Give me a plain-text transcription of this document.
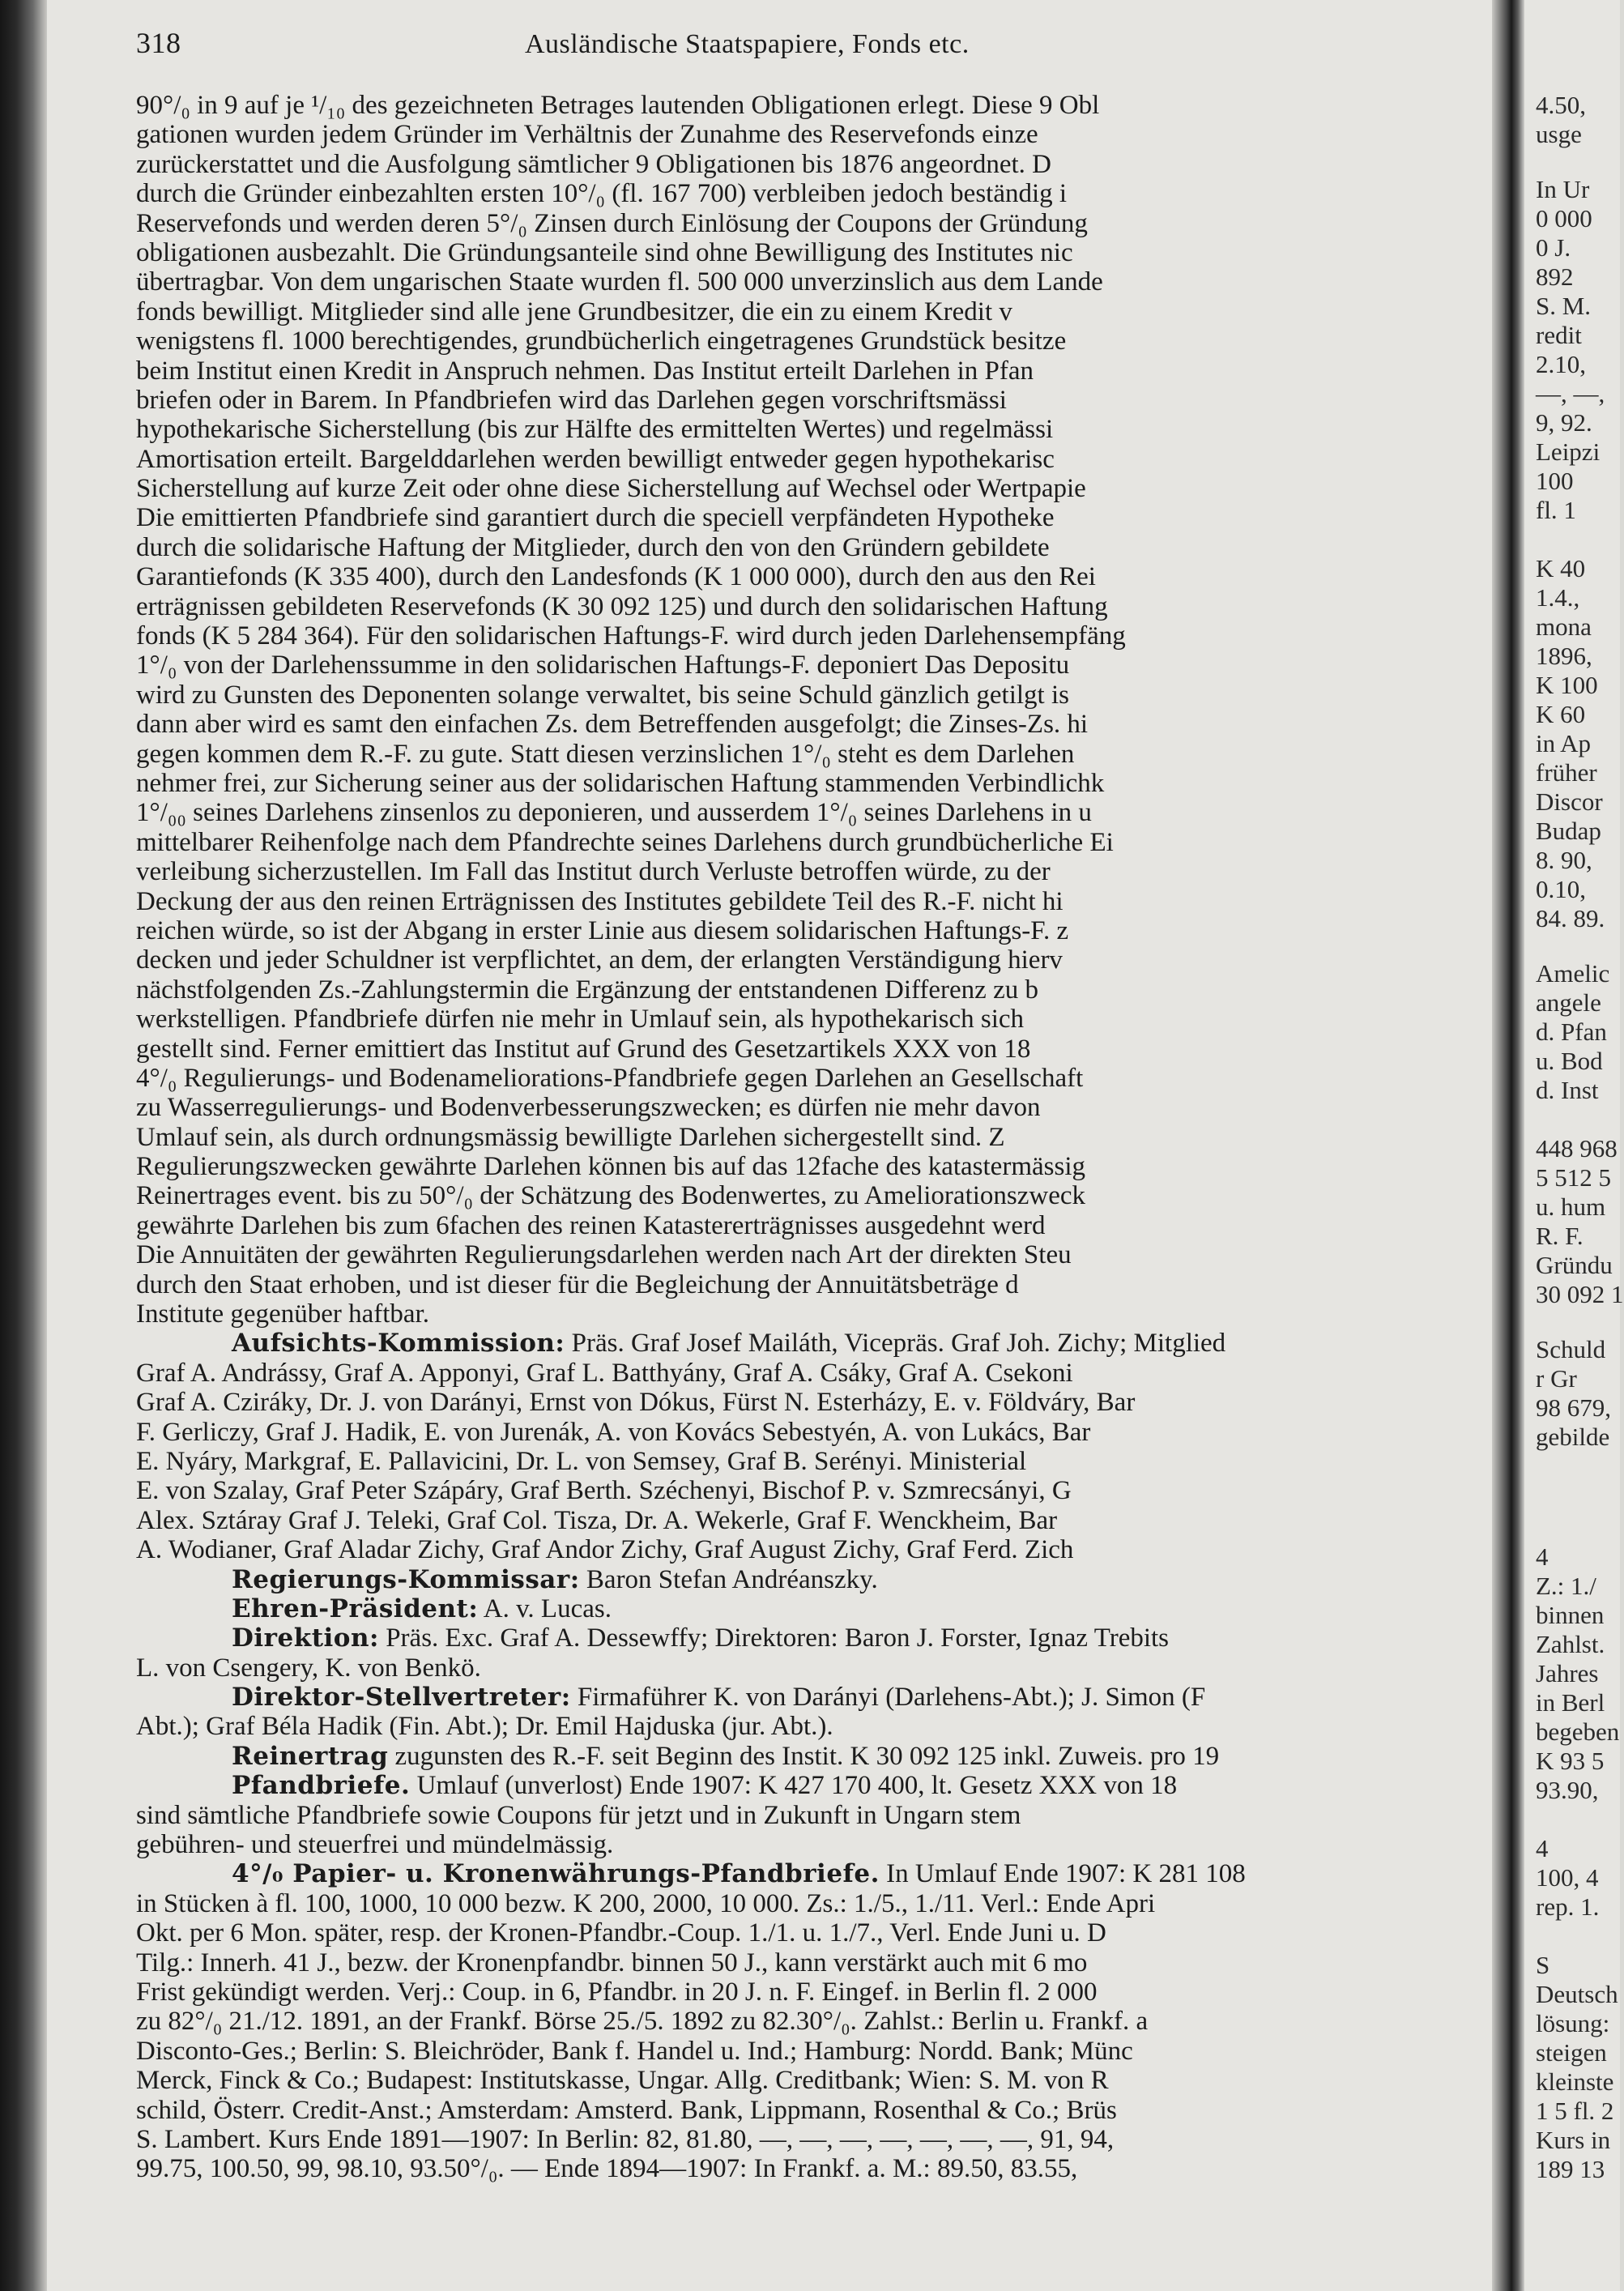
318	Ausländische Staatspapiere, Fonds etc.
90°/₀ in 9 auf je ¹/₁₀ des gezeichneten Betrages lautenden Obligationen erlegt. Diese 9 Obl
gationen wurden jedem Gründer im Verhältnis der Zunahme des Reservefonds einze
zurückerstattet und die Ausfolgung sämtlicher 9 Obligationen bis 1876 angeordnet. D
durch die Gründer einbezahlten ersten 10°/₀ (fl. 167 700) verbleiben jedoch beständig i
Reservefonds und werden deren 5°/₀ Zinsen durch Einlösung der Coupons der Gründung
obligationen ausbezahlt. Die Gründungsanteile sind ohne Bewilligung des Institutes nic
übertragbar. Von dem ungarischen Staate wurden fl. 500 000 unverzinslich aus dem Lande
fonds bewilligt. Mitglieder sind alle jene Grundbesitzer, die ein zu einem Kredit v
wenigstens fl. 1000 berechtigendes, grundbücherlich eingetragenes Grundstück besitze
beim Institut einen Kredit in Anspruch nehmen. Das Institut erteilt Darlehen in Pfan
briefen oder in Barem. In Pfandbriefen wird das Darlehen gegen vorschriftsmässi
hypothekarische Sicherstellung (bis zur Hälfte des ermittelten Wertes) und regelmässi
Amortisation erteilt. Bargelddarlehen werden bewilligt entweder gegen hypothekarisc
Sicherstellung auf kurze Zeit oder ohne diese Sicherstellung auf Wechsel oder Wertpapie
Die emittierten Pfandbriefe sind garantiert durch die speciell verpfändeten Hypotheke
durch die solidarische Haftung der Mitglieder, durch den von den Gründern gebildete
Garantiefonds (K 335 400), durch den Landesfonds (K 1 000 000), durch den aus den Rei
erträgnissen gebildeten Reservefonds (K 30 092 125) und durch den solidarischen Haftung
fonds (K 5 284 364). Für den solidarischen Haftungs-F. wird durch jeden Darlehensempfäng
1°/₀ von der Darlehenssumme in den solidarischen Haftungs-F. deponiert Das Depositu
wird zu Gunsten des Deponenten solange verwaltet, bis seine Schuld gänzlich getilgt is
dann aber wird es samt den einfachen Zs. dem Betreffenden ausgefolgt; die Zinses-Zs. hi
gegen kommen dem R.-F. zu gute. Statt diesen verzinslichen 1°/₀ steht es dem Darlehen
nehmer frei, zur Sicherung seiner aus der solidarischen Haftung stammenden Verbindlichk
1°/₀₀ seines Darlehens zinsenlos zu deponieren, und ausserdem 1°/₀ seines Darlehens in u
mittelbarer Reihenfolge nach dem Pfandrechte seines Darlehens durch grundbücherliche Ei
verleibung sicherzustellen. Im Fall das Institut durch Verluste betroffen würde, zu der
Deckung der aus den reinen Erträgnissen des Institutes gebildete Teil des R.-F. nicht hi
reichen würde, so ist der Abgang in erster Linie aus diesem solidarischen Haftungs-F. z
decken und jeder Schuldner ist verpflichtet, an dem, der erlangten Verständigung hierv
nächstfolgenden Zs.-Zahlungstermin die Ergänzung der entstandenen Differenz zu b
werkstelligen. Pfandbriefe dürfen nie mehr in Umlauf sein, als hypothekarisch sich
gestellt sind. Ferner emittiert das Institut auf Grund des Gesetzartikels XXX von 18
4°/₀ Regulierungs- und Bodenameliorations-Pfandbriefe gegen Darlehen an Gesellschaft
zu Wasserregulierungs- und Bodenverbesserungszwecken; es dürfen nie mehr davon
Umlauf sein, als durch ordnungsmässig bewilligte Darlehen sichergestellt sind. Z
Regulierungszwecken gewährte Darlehen können bis auf das 12fache des katastermässig
Reinertrages event. bis zu 50°/₀ der Schätzung des Bodenwertes, zu Ameliorationszweck
gewährte Darlehen bis zum 6fachen des reinen Katastererträgnisses ausgedehnt werd
Die Annuitäten der gewährten Regulierungsdarlehen werden nach Art der direkten Steu
durch den Staat erhoben, und ist dieser für die Begleichung der Annuitätsbeträge d
Institute gegenüber haftbar.
Aufsichts-Kommission: Präs. Graf Josef Mailáth, Vicepräs. Graf Joh. Zichy; Mitglied
Graf A. Andrássy, Graf A. Apponyi, Graf L. Batthyány, Graf A. Csáky, Graf A. Csekoni
Graf A. Cziráky, Dr. J. von Darányi, Ernst von Dókus, Fürst N. Esterházy, E. v. Földváry, Bar
F. Gerliczy, Graf J. Hadik, E. von Jurenák, A. von Kovács Sebestyén, A. von Lukács, Bar
E. Nyáry, Markgraf, E. Pallavicini, Dr. L. von Semsey, Graf B. Serényi. Ministerial
E. von Szalay, Graf Peter Szápáry, Graf Berth. Széchenyi, Bischof P. v. Szmrecsányi, G
Alex. Sztáray Graf J. Teleki, Graf Col. Tisza, Dr. A. Wekerle, Graf F. Wenckheim, Bar
A. Wodianer, Graf Aladar Zichy, Graf Andor Zichy, Graf August Zichy, Graf Ferd. Zich
Regierungs-Kommissar: Baron Stefan Andréanszky.
Ehren-Präsident: A. v. Lucas.
Direktion: Präs. Exc. Graf A. Dessewffy; Direktoren: Baron J. Forster, Ignaz Trebits
L. von Csengery, K. von Benkö.
Direktor-Stellvertreter: Firmaführer K. von Darányi (Darlehens-Abt.); J. Simon (F
Abt.); Graf Béla Hadik (Fin. Abt.); Dr. Emil Hajduska (jur. Abt.).
Reinertrag zugunsten des R.-F. seit Beginn des Instit. K 30 092 125 inkl. Zuweis. pro 19
Pfandbriefe. Umlauf (unverlost) Ende 1907: K 427 170 400, lt. Gesetz XXX von 18
sind sämtliche Pfandbriefe sowie Coupons für jetzt und in Zukunft in Ungarn stem
gebühren- und steuerfrei und mündelmässig.
4°/₀ Papier- u. Kronenwährungs-Pfandbriefe. In Umlauf Ende 1907: K 281 108
in Stücken à fl. 100, 1000, 10 000 bezw. K 200, 2000, 10 000. Zs.: 1./5., 1./11. Verl.: Ende Apri
Okt. per 6 Mon. später, resp. der Kronen-Pfandbr.-Coup. 1./1. u. 1./7., Verl. Ende Juni u. D
Tilg.: Innerh. 41 J., bezw. der Kronenpfandbr. binnen 50 J., kann verstärkt auch mit 6 mo
Frist gekündigt werden. Verj.: Coup. in 6, Pfandbr. in 20 J. n. F. Eingef. in Berlin fl. 2 000
zu 82°/₀ 21./12. 1891, an der Frankf. Börse 25./5. 1892 zu 82.30°/₀. Zahlst.: Berlin u. Frankf. a
Disconto-Ges.; Berlin: S. Bleichröder, Bank f. Handel u. Ind.; Hamburg: Nordd. Bank; Münc
Merck, Finck & Co.; Budapest: Institutskasse, Ungar. Allg. Creditbank; Wien: S. M. von R
schild, Österr. Credit-Anst.; Amsterdam: Amsterd. Bank, Lippmann, Rosenthal & Co.; Brüs
S. Lambert. Kurs Ende 1891—1907: In Berlin: 82, 81.80, —, —, —, —, —, —, —, 91, 94,
99.75, 100.50, 99, 98.10, 93.50°/₀. — Ende 1894—1907: In Frankf. a. M.: 89.50, 83.55,
4.50,
usge
In Ur
0 000
0 J.
892
S. M.
redit
2.10,
—, —,
9, 92.
Leipzi
100
fl. 1
K 40
1.4.,
mona
1896,
K 100
K 60
in Ap
früher
Discor
Budap
8. 90,
0.10,
84. 89.
Amelic
angele
d. Pfan
u. Bod
d. Inst
448 968
5 512 5
u. hum
R. F.
Gründu
30 092 1
Schuld
r Gr
98 679,
gebilde
4
Z.: 1./
binnen
Zahlst.
Jahres
in Berl
begeben
K 93 5
93.90,
4
100, 4
rep. 1.
S
Deutsch
lösung:
steigen
kleinste
1 5 fl. 2
Kurs in
189 13
